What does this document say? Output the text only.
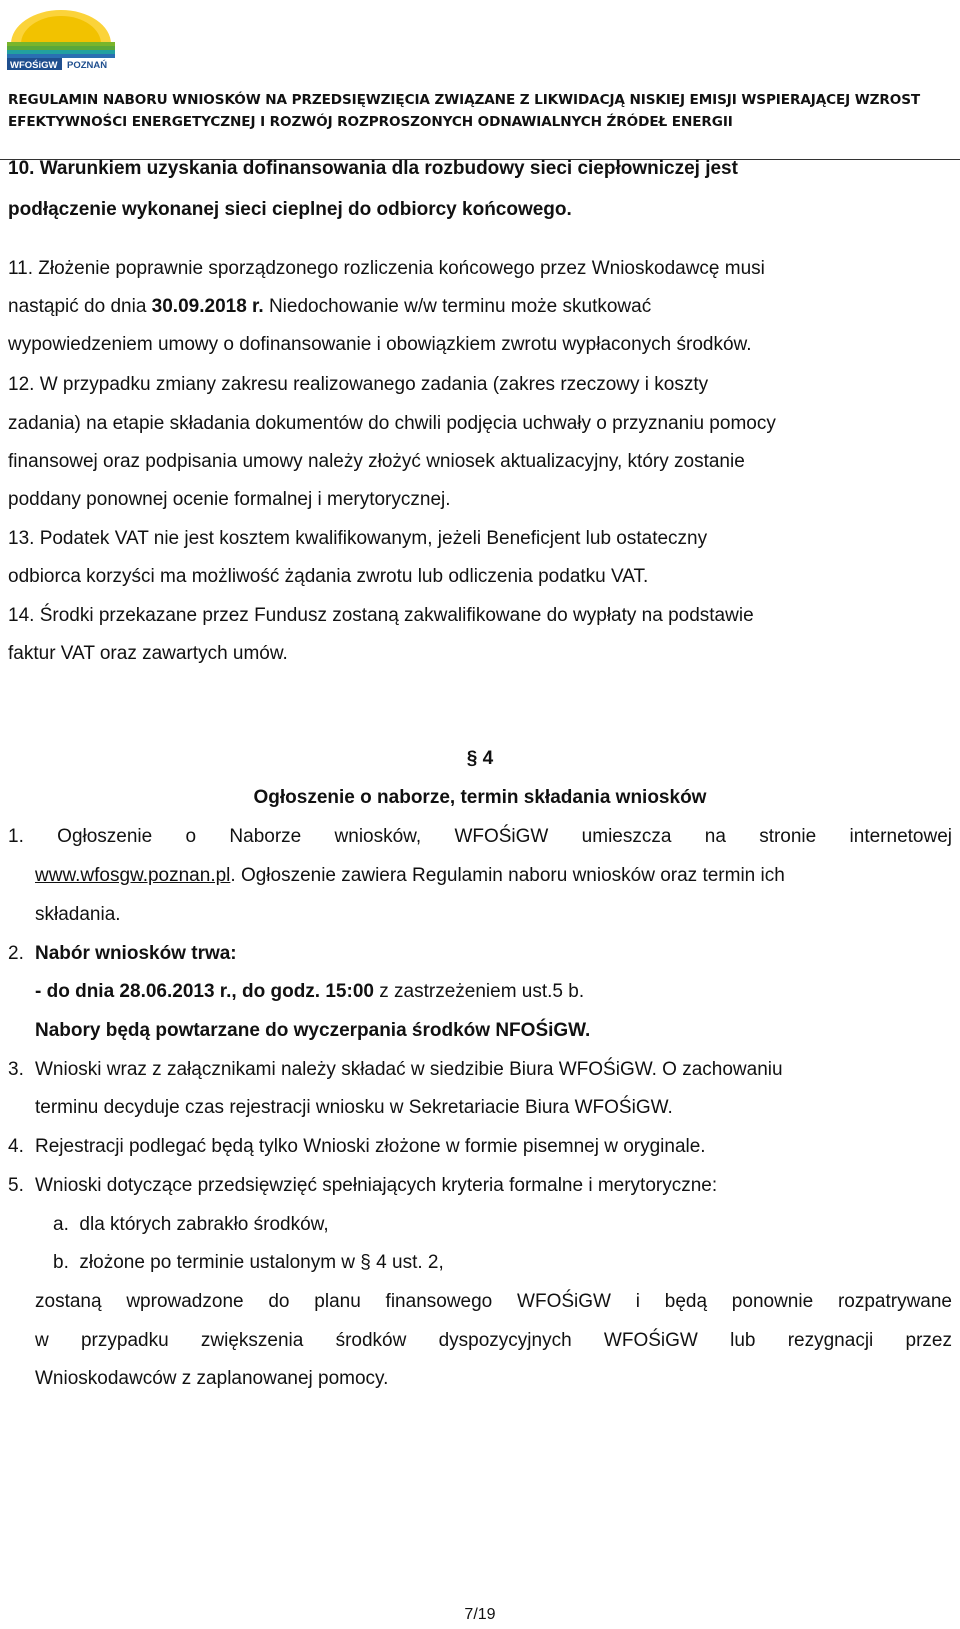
WFOŚiGW POZNAŃ
REGULAMIN NABORU WNIOSKÓW NA PRZEDSIĘWZIĘCIA ZWIĄZANE Z LIKWIDACJĄ NISKIEJ EMISJI WSPIERAJĄCEJ WZROST
EFEKTYWNOŚCI ENERGETYCZNEJ I ROZWÓJ ROZPROSZONYCH ODNAWIALNYCH ŹRÓDEŁ ENERGII
10. Warunkiem uzyskania dofinansowania dla rozbudowy sieci ciepłowniczej jest
podłączenie wykonanej sieci cieplnej do odbiorcy końcowego.
11. Złożenie poprawnie sporządzonego rozliczenia końcowego przez Wnioskodawcę musi
nastąpić do dnia 30.09.2018 r. Niedochowanie w/w terminu może skutkować
wypowiedzeniem umowy o dofinansowanie i obowiązkiem zwrotu wypłaconych środków.
12. W przypadku zmiany zakresu realizowanego zadania (zakres rzeczowy i koszty
zadania) na etapie składania dokumentów do chwili podjęcia uchwały o przyznaniu pomocy
finansowej oraz podpisania umowy należy złożyć wniosek aktualizacyjny, który zostanie
poddany ponownej ocenie formalnej i merytorycznej.
13. Podatek VAT nie jest kosztem kwalifikowanym, jeżeli Beneficjent lub ostateczny
odbiorca korzyści ma możliwość żądania zwrotu lub odliczenia podatku VAT.
14. Środki przekazane przez Fundusz zostaną zakwalifikowane do wypłaty na podstawie
faktur VAT oraz zawartych umów.
§ 4
Ogłoszenie o naborze, termin składania wniosków
1. Ogłoszenie o Naborze wniosków, WFOŚiGW umieszcza na stronie internetowej
www.wfosgw.poznan.pl. Ogłoszenie zawiera Regulamin naboru wniosków oraz termin ich
składania.
2. Nabór wniosków trwa:
- do dnia 28.06.2013 r., do godz. 15:00 z zastrzeżeniem ust.5 b.
Nabory będą powtarzane do wyczerpania środków NFOŚiGW.
3. Wnioski wraz z załącznikami należy składać w siedzibie Biura WFOŚiGW. O zachowaniu
terminu decyduje czas rejestracji wniosku w Sekretariacie Biura WFOŚiGW.
4. Rejestracji podlegać będą tylko Wnioski złożone w formie pisemnej w oryginale.
5. Wnioski dotyczące przedsięwzięć spełniających kryteria formalne i merytoryczne:
a.  dla których zabrakło środków,
b.  złożone po terminie ustalonym w § 4 ust. 2,
zostaną wprowadzone do planu finansowego WFOŚiGW i będą ponownie rozpatrywane
w przypadku zwiększenia środków dyspozycyjnych WFOŚiGW lub rezygnacji przez
Wnioskodawców z zaplanowanej pomocy.
7/19
